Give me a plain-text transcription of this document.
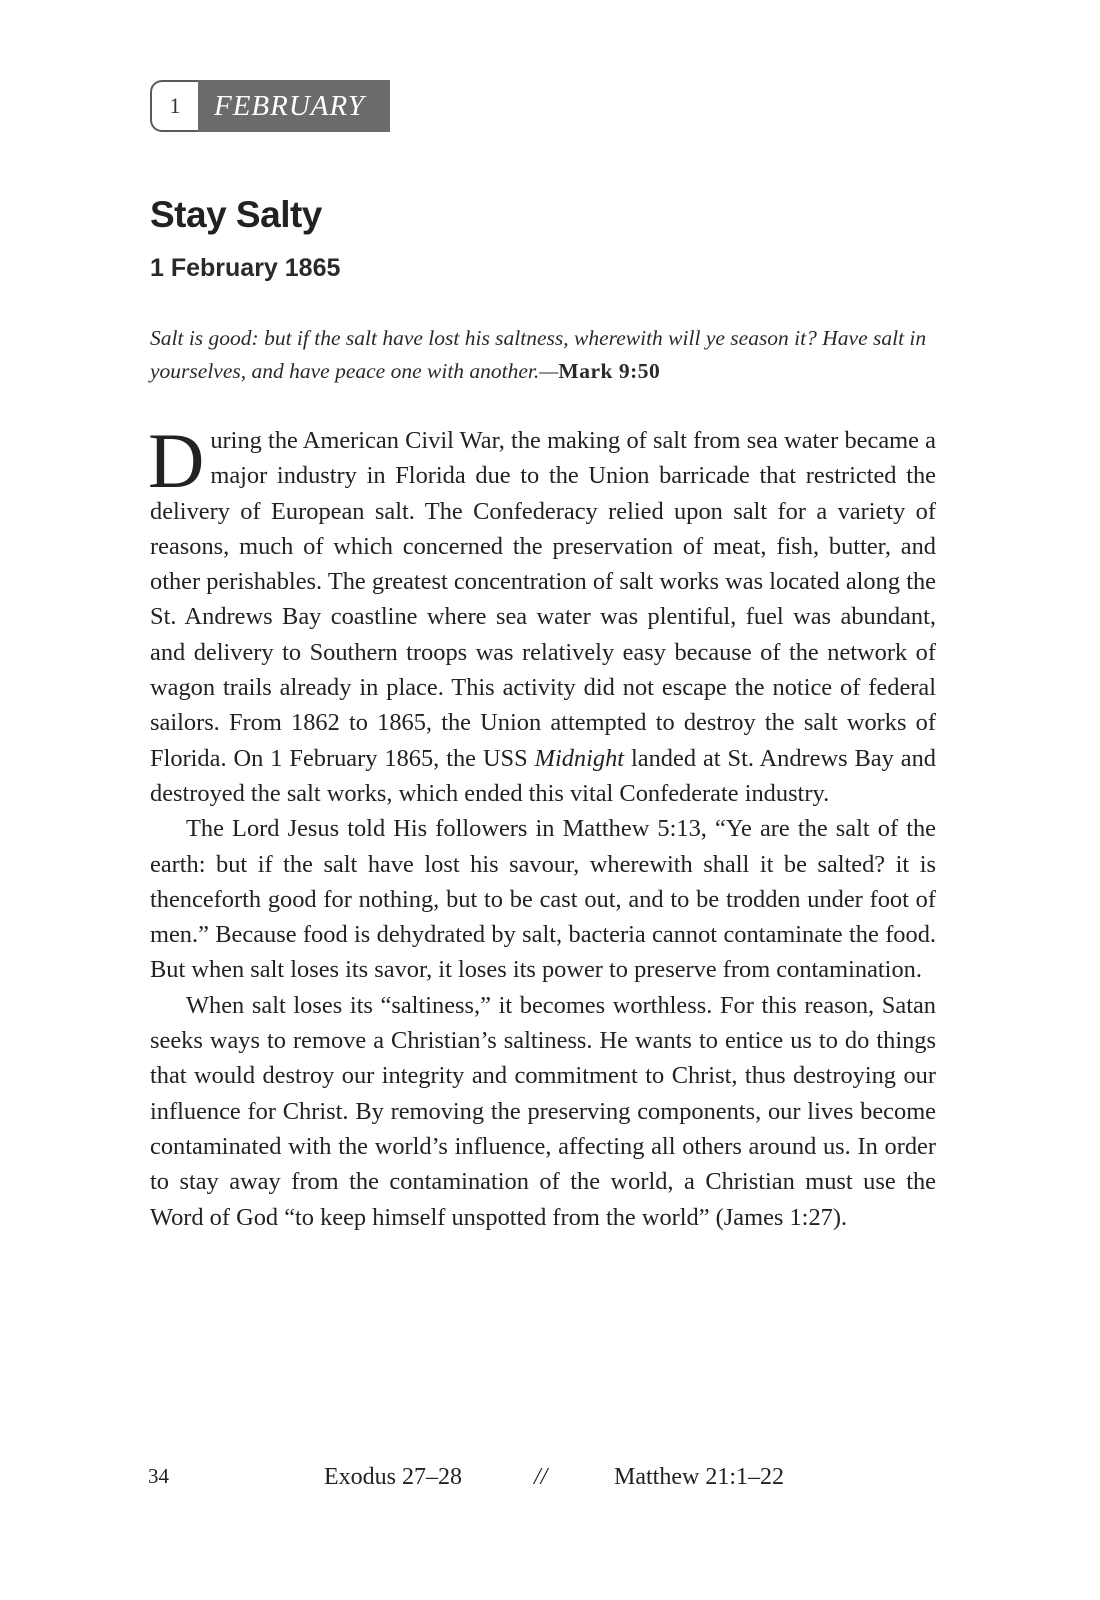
1	FEBRUARY
Stay Salty
1 February 1865

Salt is good: but if the salt have lost his saltness, wherewith will ye season it? Have salt in yourselves, and have peace one with another.—Mark 9:50

During the American Civil War, the making of salt from sea water became a major industry in Florida due to the Union barricade that restricted the delivery of European salt. The Confederacy relied upon salt for a variety of reasons, much of which concerned the preservation of meat, fish, butter, and other perishables. The greatest concentration of salt works was located along the St. Andrews Bay coastline where sea water was plentiful, fuel was abundant, and delivery to Southern troops was relatively easy because of the network of wagon trails already in place. This activity did not escape the notice of federal sailors. From 1862 to 1865, the Union attempted to destroy the salt works of Florida. On 1 February 1865, the USS Midnight landed at St. Andrews Bay and destroyed the salt works, which ended this vital Confederate industry.

The Lord Jesus told His followers in Matthew 5:13, “Ye are the salt of the earth: but if the salt have lost his savour, wherewith shall it be salted? it is thenceforth good for nothing, but to be cast out, and to be trodden under foot of men.” Because food is dehydrated by salt, bacteria cannot contaminate the food. But when salt loses its savor, it loses its power to preserve from contamination.

When salt loses its “saltiness,” it becomes worthless. For this reason, Satan seeks ways to remove a Christian’s saltiness. He wants to entice us to do things that would destroy our integrity and commitment to Christ, thus destroying our influence for Christ. By removing the preserving components, our lives become contaminated with the world’s influence, affecting all others around us. In order to stay away from the contamination of the world, a Christian must use the Word of God “to keep himself unspotted from the world” (James 1:27).

34	Exodus 27–28	//	Matthew 21:1–22
